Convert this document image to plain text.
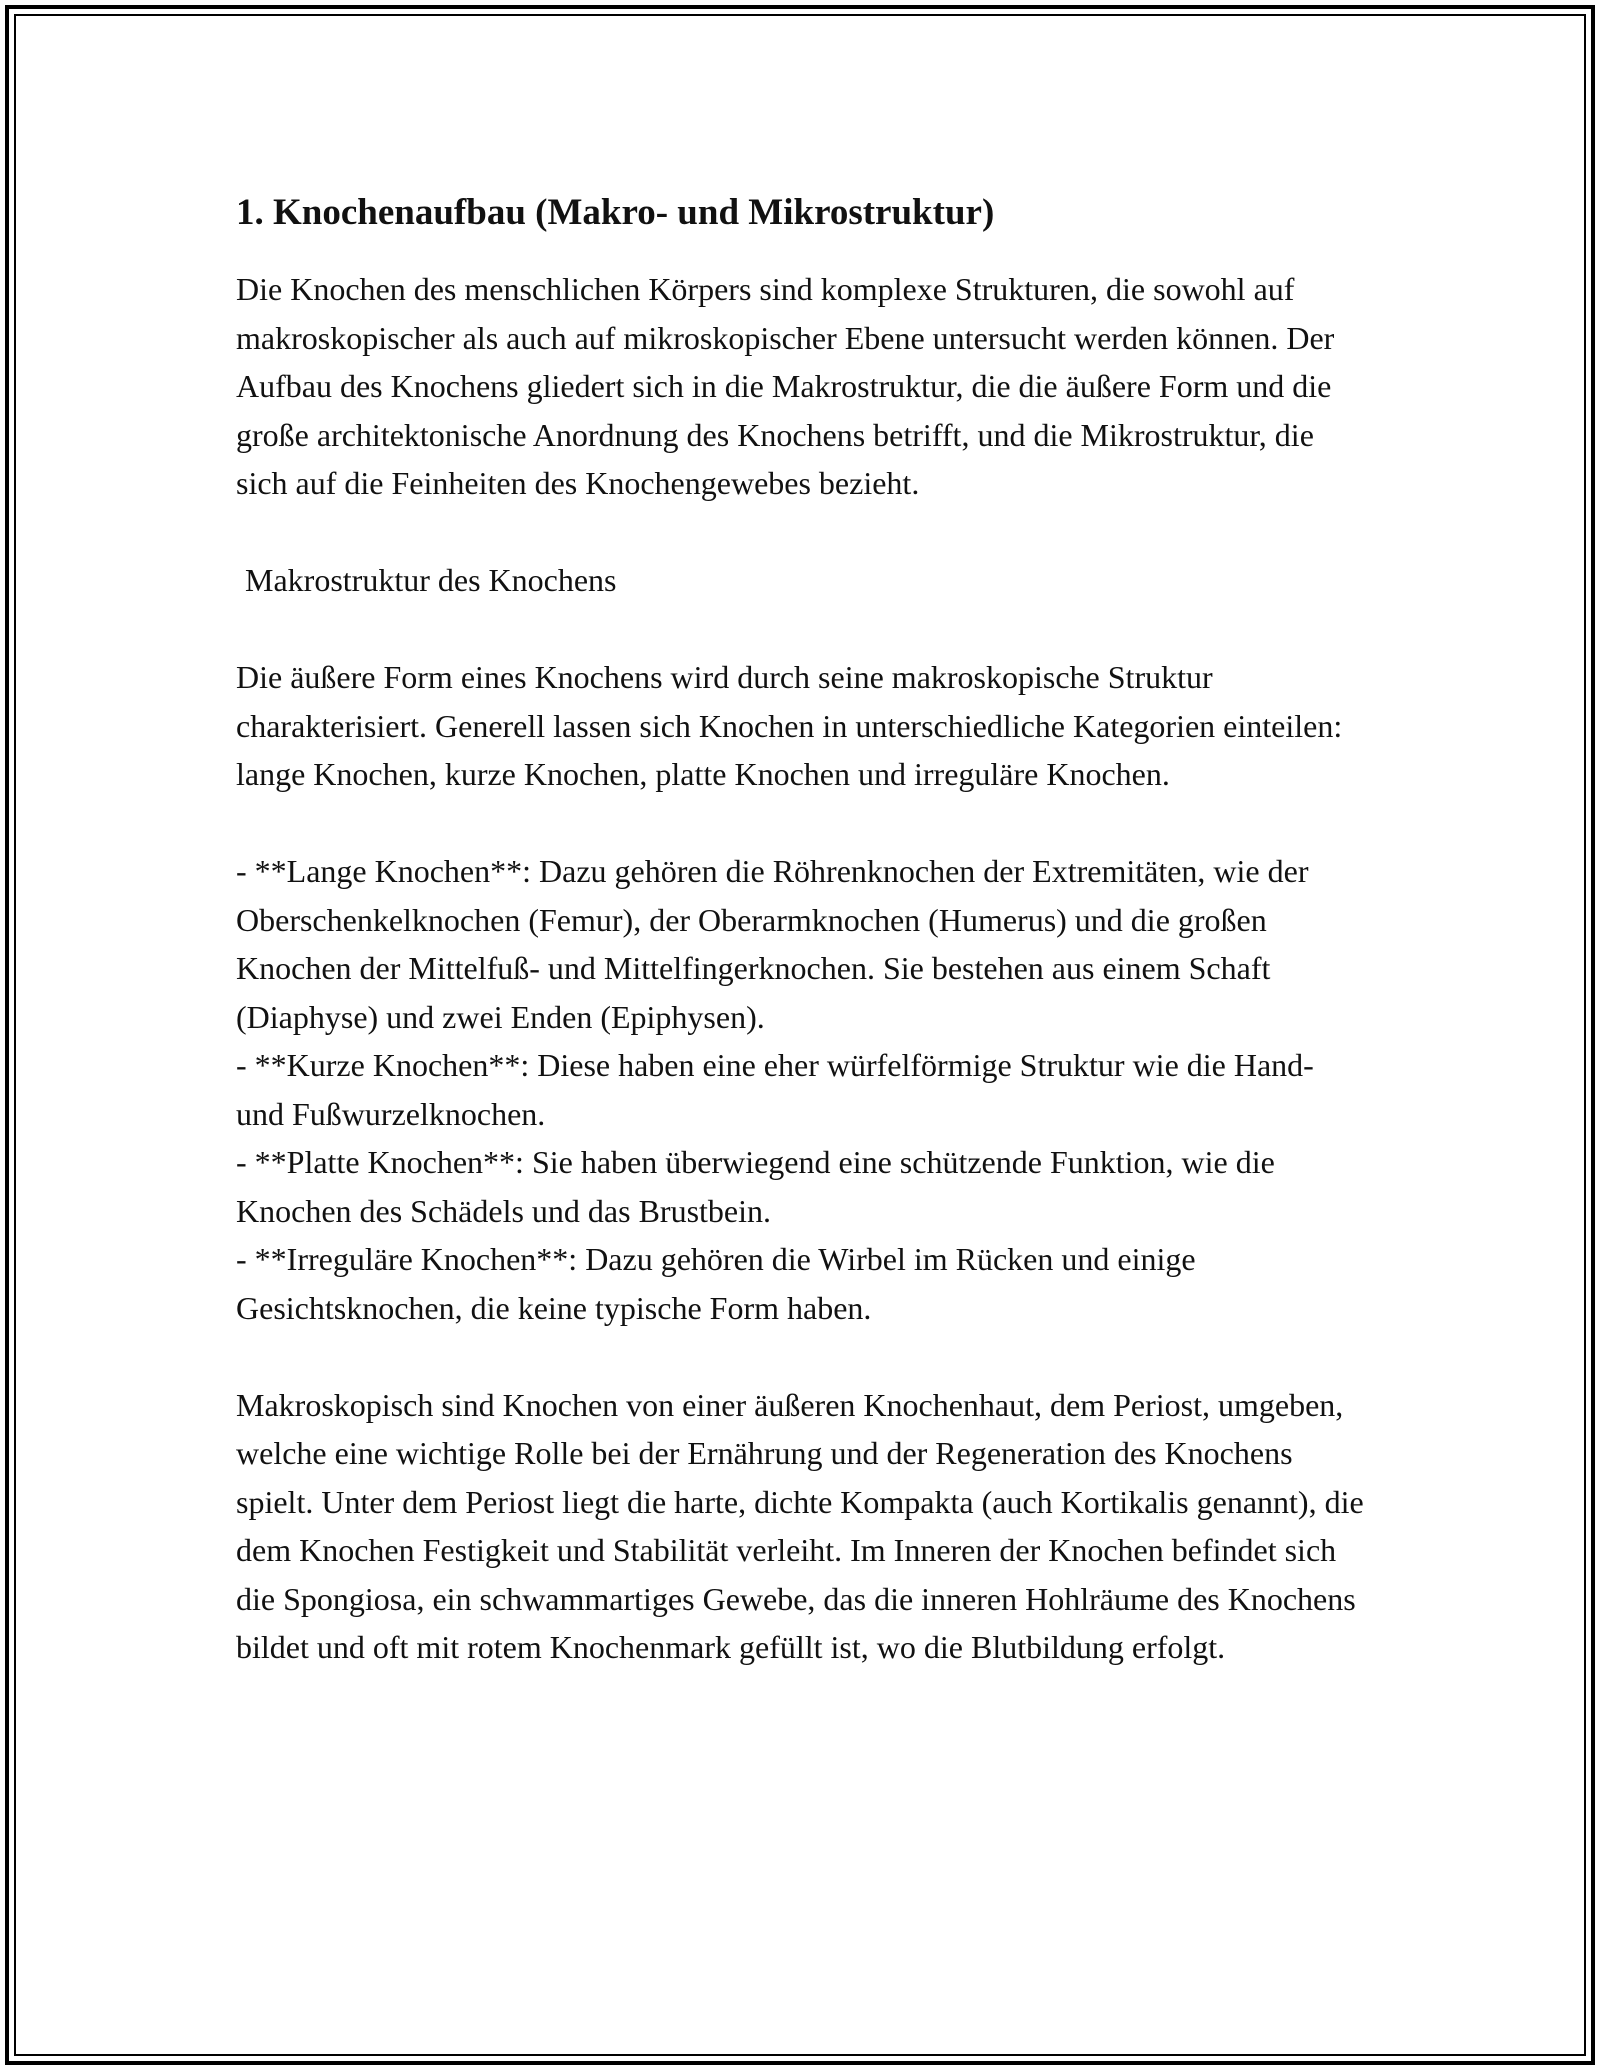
1. Knochenaufbau (Makro- und Mikrostruktur)

Die Knochen des menschlichen Körpers sind komplexe Strukturen, die sowohl auf makroskopischer als auch auf mikroskopischer Ebene untersucht werden können. Der Aufbau des Knochens gliedert sich in die Makrostruktur, die die äußere Form und die große architektonische Anordnung des Knochens betrifft, und die Mikrostruktur, die sich auf die Feinheiten des Knochengewebes bezieht.

Makrostruktur des Knochens

Die äußere Form eines Knochens wird durch seine makroskopische Struktur charakterisiert. Generell lassen sich Knochen in unterschiedliche Kategorien einteilen: lange Knochen, kurze Knochen, platte Knochen und irreguläre Knochen.

- **Lange Knochen**: Dazu gehören die Röhrenknochen der Extremitäten, wie der Oberschenkelknochen (Femur), der Oberarmknochen (Humerus) und die großen Knochen der Mittelfuß- und Mittelfingerknochen. Sie bestehen aus einem Schaft (Diaphyse) und zwei Enden (Epiphysen).
- **Kurze Knochen**: Diese haben eine eher würfelförmige Struktur wie die Hand- und Fußwurzelknochen.
- **Platte Knochen**: Sie haben überwiegend eine schützende Funktion, wie die Knochen des Schädels und das Brustbein.
- **Irreguläre Knochen**: Dazu gehören die Wirbel im Rücken und einige Gesichtsknochen, die keine typische Form haben.

Makroskopisch sind Knochen von einer äußeren Knochenhaut, dem Periost, umgeben, welche eine wichtige Rolle bei der Ernährung und der Regeneration des Knochens spielt. Unter dem Periost liegt die harte, dichte Kompakta (auch Kortikalis genannt), die dem Knochen Festigkeit und Stabilität verleiht. Im Inneren der Knochen befindet sich die Spongiosa, ein schwammartiges Gewebe, das die inneren Hohlräume des Knochens bildet und oft mit rotem Knochenmark gefüllt ist, wo die Blutbildung erfolgt.
